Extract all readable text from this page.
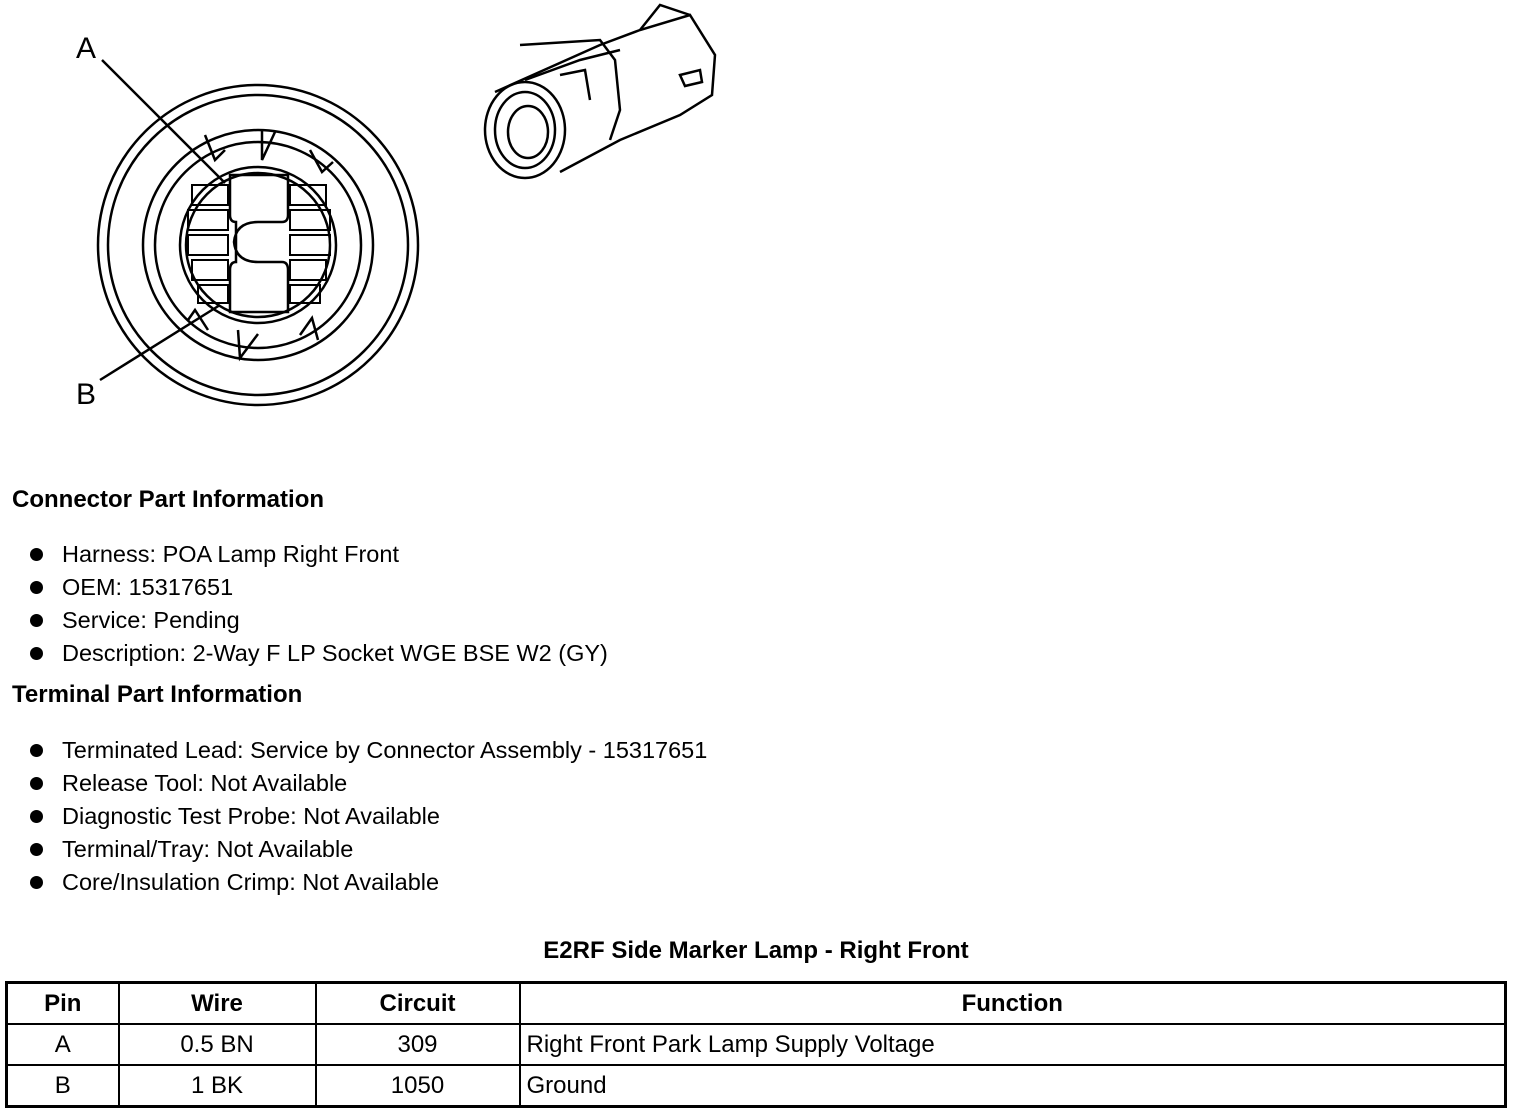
A
B
Connector Part Information
Harness: POA Lamp Right Front
OEM: 15317651
Service: Pending
Description: 2-Way F LP Socket WGE BSE W2 (GY)
Terminal Part Information
Terminated Lead: Service by Connector Assembly - 15317651
Release Tool: Not Available
Diagnostic Test Probe: Not Available
Terminal/Tray: Not Available
Core/Insulation Crimp: Not Available
E2RF Side Marker Lamp - Right Front
Pin	Wire	Circuit	Function
A	0.5 BN	309	Right Front Park Lamp Supply Voltage
B	1 BK	1050	Ground
